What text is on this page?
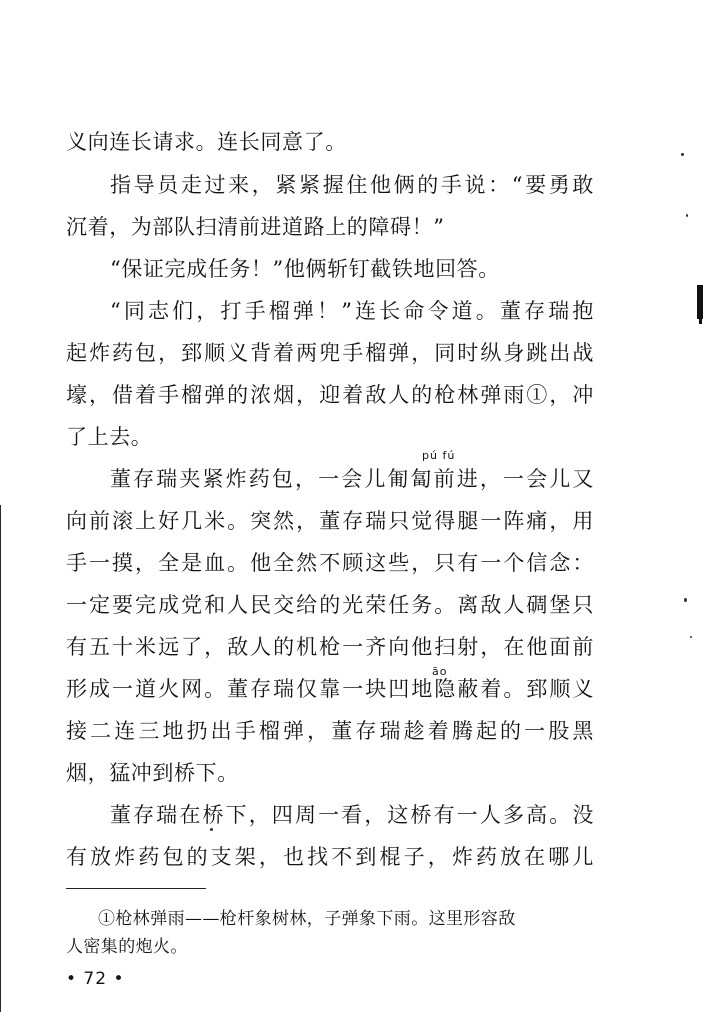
义向连长请求。连长同意了。
指导员走过来，紧紧握住他俩的手说：“要勇敢
沉着，为部队扫清前进道路上的障碍！”
“保证完成任务！”他俩斩钉截铁地回答。
“同志们，打手榴弹！”连长命令道。董存瑞抱
起炸药包，郅顺义背着两兜手榴弹，同时纵身跳出战
壕，借着手榴弹的浓烟，迎着敌人的枪林弹雨①，冲
了上去。
pú fú
董存瑞夹紧炸药包，一会儿匍匐前进，一会儿又
向前滚上好几米。突然，董存瑞只觉得腿一阵痛，用
手一摸，全是血。他全然不顾这些，只有一个信念：
一定要完成党和人民交给的光荣任务。离敌人碉堡只
有五十米远了，敌人的机枪一齐向他扫射，在他面前
āo
形成一道火网。董存瑞仅靠一块凹地隐蔽着。郅顺义
接二连三地扔出手榴弹，董存瑞趁着腾起的一股黑
烟，猛冲到桥下。
董存瑞在桥下，四周一看，这桥有一人多高。没
有放炸药包的支架，也找不到棍子，炸药放在哪儿
①枪林弹雨——枪杆象树林，子弹象下雨。这里形容敌
人密集的炮火。
• 72 •
